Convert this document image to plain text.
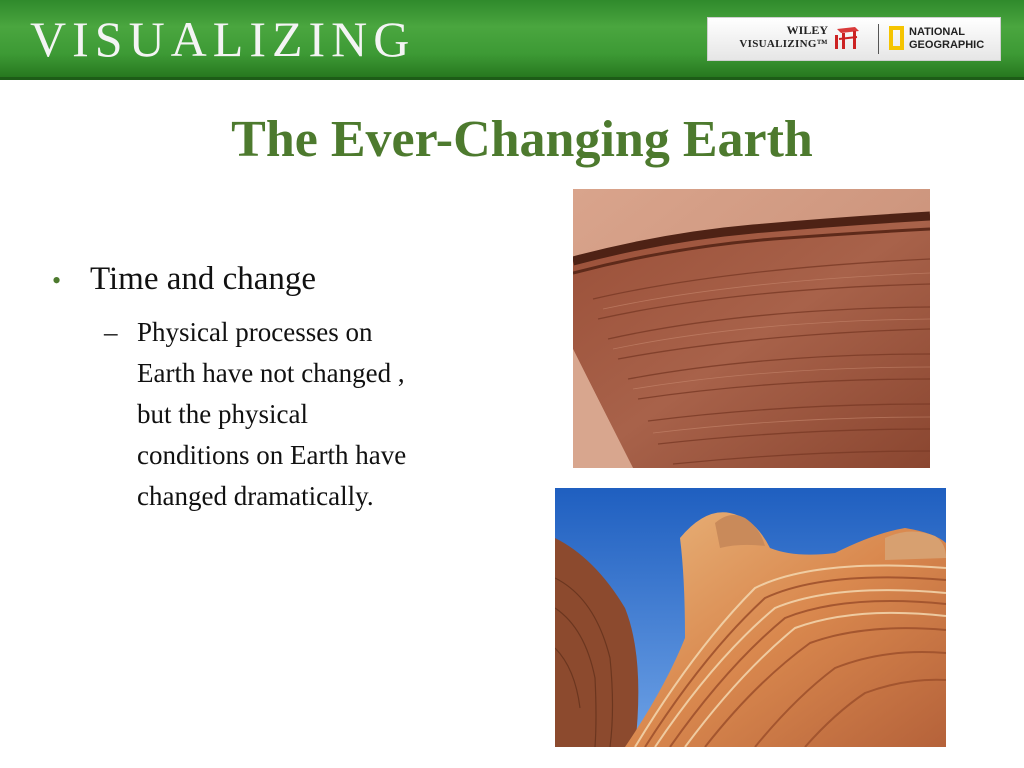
VISUALIZING	WILEY
VISUALIZING™
NATIONAL
GEOGRAPHIC
The Ever-Changing Earth
• Time and change
– Physical processes on Earth have not changed , but the physical conditions on Earth have changed dramatically.
